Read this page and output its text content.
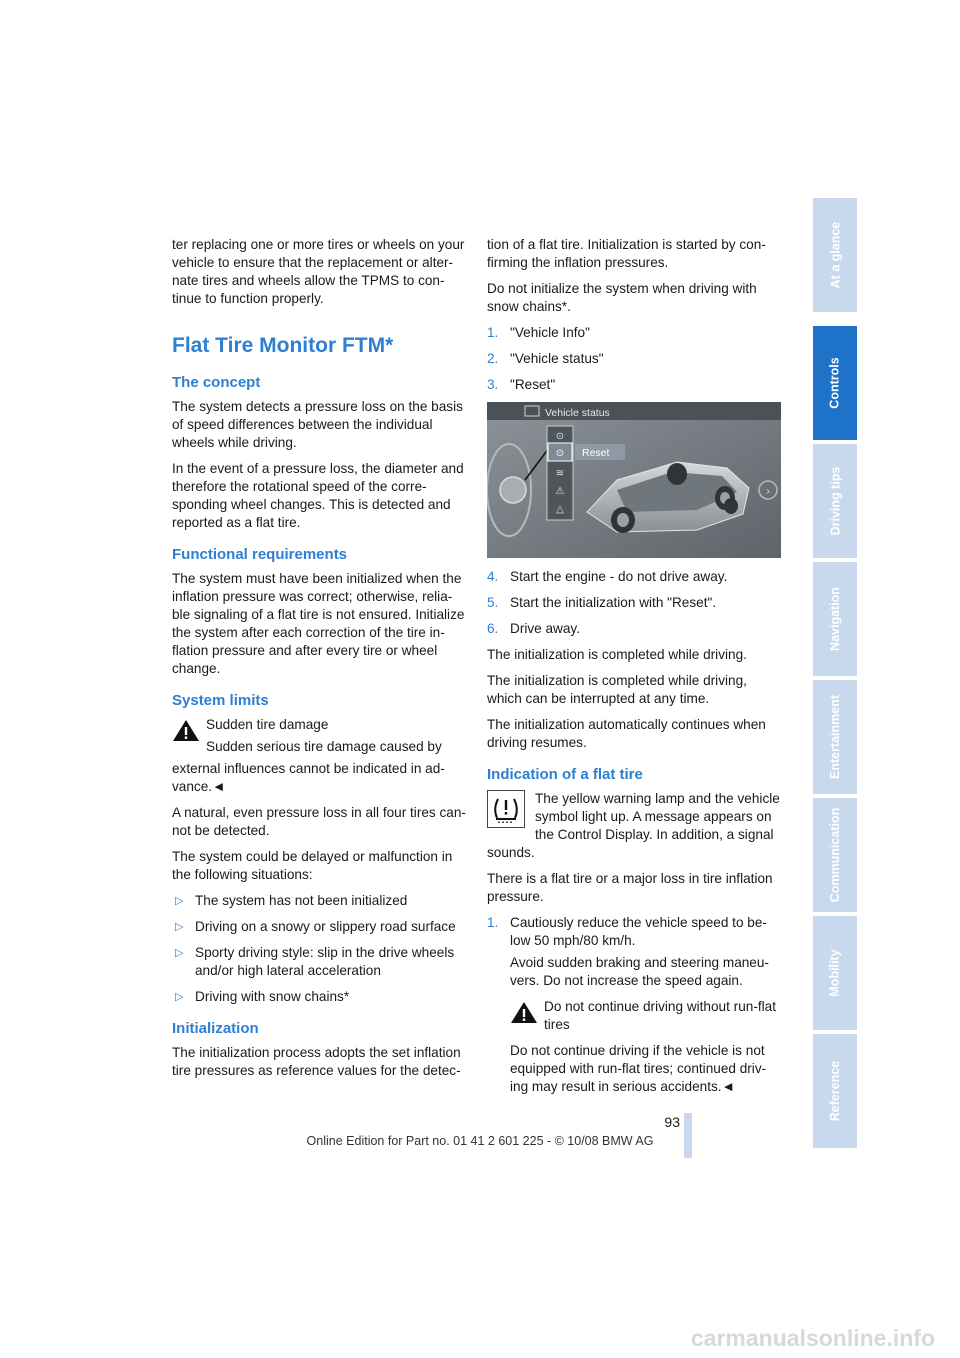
ter replacing one or more tires or wheels on your vehicle to ensure that the replacement or alter-nate tires and wheels allow the TPMS to con-tinue to function properly.

Flat Tire Monitor FTM*
The concept

The system detects a pressure loss on the basis of speed differences between the individual wheels while driving.

In the event of a pressure loss, the diameter and therefore the rotational speed of the corre-sponding wheel changes. This is detected and reported as a flat tire.

Functional requirements

The system must have been initialized when the inflation pressure was correct; otherwise, relia-ble signaling of a flat tire is not ensured. Initialize the system after each correction of the tire in-flation pressure and after every tire or wheel change.

System limits

Sudden tire damage

Sudden serious tire damage caused by

external influences cannot be indicated in ad-vance.◄

A natural, even pressure loss in all four tires can-not be detected.

The system could be delayed or malfunction in the following situations:

▷ The system has not been initialized
▷ Driving on a snowy or slippery road surface
▷ Sporty driving style: slip in the drive wheels and/or high lateral acceleration
▷ Driving with snow chains*
Initialization

The initialization process adopts the set inflation tire pressures as reference values for the detec-

tion of a flat tire. Initialization is started by con-firming the inflation pressures.

Do not initialize the system when driving with snow chains*.

1. "Vehicle Info"
2. "Vehicle status"
3. "Reset"
Vehicle status
⊙
⊙
≋
⚠
△
Reset
›
4. Start the engine - do not drive away.
5. Start the initialization with "Reset".
6. Drive away.

The initialization is completed while driving.

The initialization is completed while driving, which can be interrupted at any time.

The initialization automatically continues when driving resumes.

Indication of a flat tire

The yellow warning lamp and the vehicle symbol light up. A message appears on the Control Display. In addition, a signal sounds.

There is a flat tire or a major loss in tire inflation pressure.

1. Cautiously reduce the vehicle speed to be-low 50 mph/80 km/h.

Avoid sudden braking and steering maneu-vers. Do not increase the speed again.

Do not continue driving without run-flat tires

Do not continue driving if the vehicle is not equipped with run-flat tires; continued driv-ing may result in serious accidents.◄

At a glance
Controls
Driving tips
Navigation
Entertainment
Communication
Mobility
Reference
93
Online Edition for Part no. 01 41 2 601 225 - © 10/08 BMW AG
carmanualsonline.info
